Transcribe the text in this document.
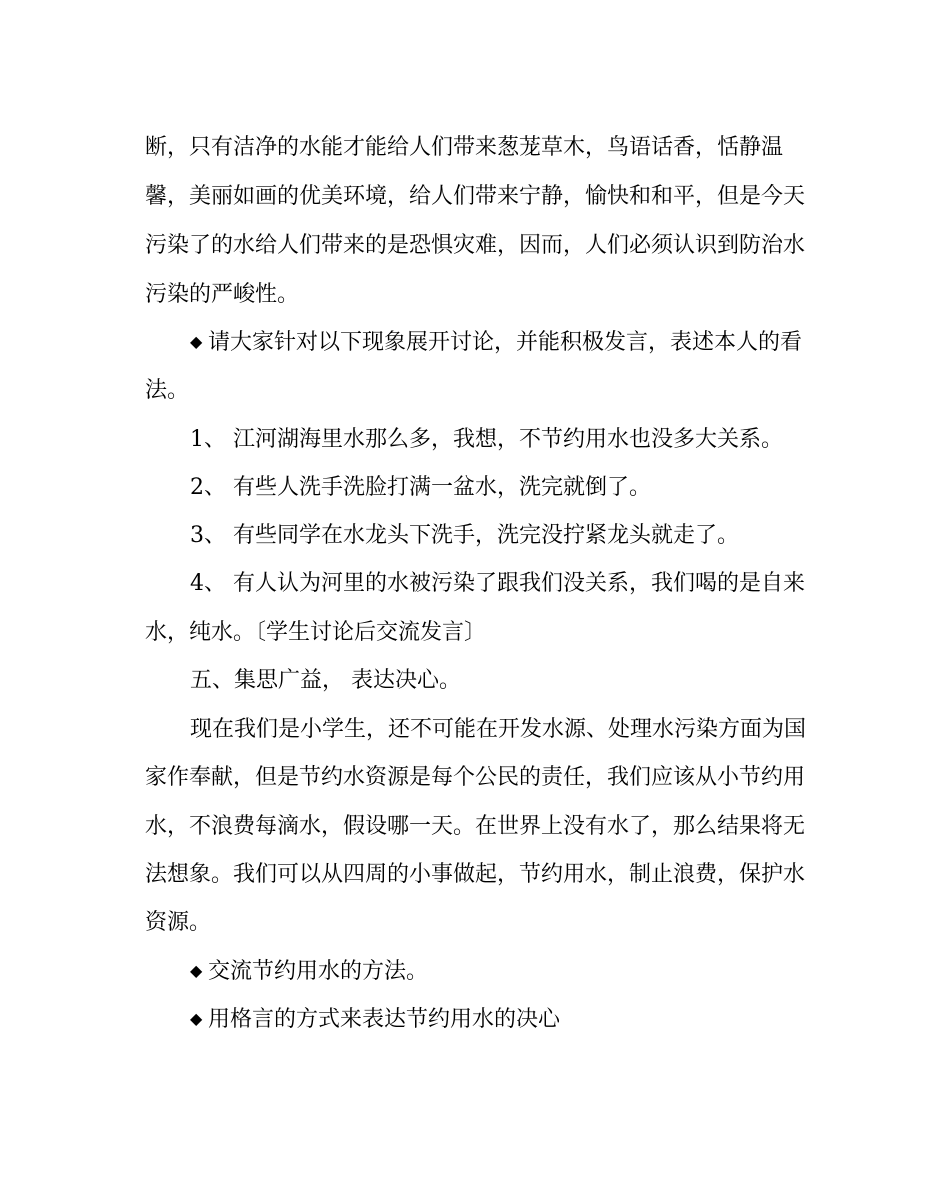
断，只有洁净的水能才能给人们带来葱茏草木，鸟语话香，恬静温
馨，美丽如画的优美环境，给人们带来宁静，愉快和和平，但是今天
污染了的水给人们带来的是恐惧灾难，因而，人们必须认识到防治水
污染的严峻性。
◆ 请大家针对以下现象展开讨论，并能积极发言，表述本人的看
法。
1、 江河湖海里水那么多，我想，不节约用水也没多大关系。
2、 有些人洗手洗脸打满一盆水，洗完就倒了。
3、 有些同学在水龙头下洗手，洗完没拧紧龙头就走了。
4、 有人认为河里的水被污染了跟我们没关系，我们喝的是自来
水，纯水。〔学生讨论后交流发言〕
五、集思广益， 表达决心。
现在我们是小学生，还不可能在开发水源、处理水污染方面为国
家作奉献，但是节约水资源是每个公民的责任，我们应该从小节约用
水，不浪费每滴水，假设哪一天。在世界上没有水了，那么结果将无
法想象。我们可以从四周的小事做起，节约用水，制止浪费，保护水
资源。
◆ 交流节约用水的方法。
◆ 用格言的方式来表达节约用水的决心
